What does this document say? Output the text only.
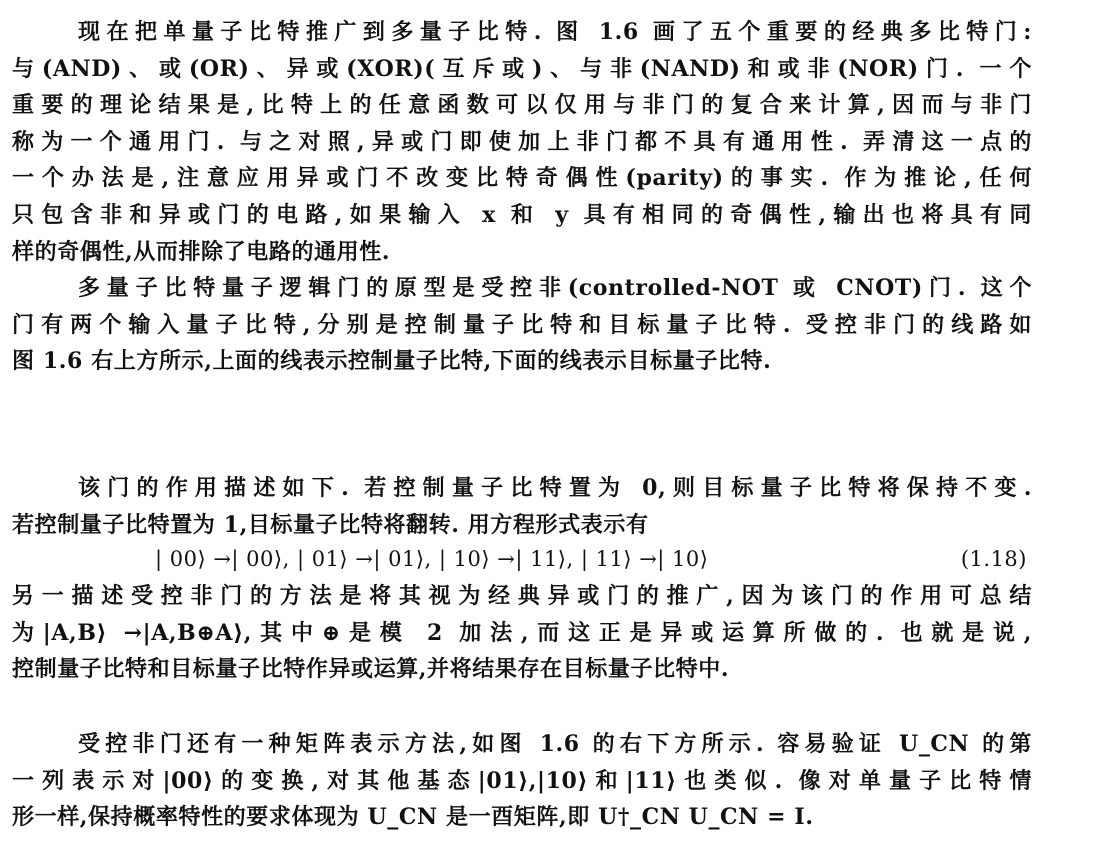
现在把单量子比特推广到多量子比特. 图 1.6 画了五个重要的经典多比特门:
与(AND)、或(OR)、异或(XOR)(互斥或)、与非(NAND)和或非(NOR)门. 一个
重要的理论结果是,比特上的任意函数可以仅用与非门的复合来计算,因而与非门
称为一个通用门. 与之对照,异或门即使加上非门都不具有通用性. 弄清这一点的
一个办法是,注意应用异或门不改变比特奇偶性(parity)的事实. 作为推论,任何
只包含非和异或门的电路,如果输入 x 和 y 具有相同的奇偶性,输出也将具有同
样的奇偶性,从而排除了电路的通用性.
多量子比特量子逻辑门的原型是受控非(controlled-NOT 或 CNOT)门. 这个
门有两个输入量子比特,分别是控制量子比特和目标量子比特. 受控非门的线路如
图 1.6 右上方所示,上面的线表示控制量子比特,下面的线表示目标量子比特.
该门的作用描述如下. 若控制量子比特置为 0,则目标量子比特将保持不变.
若控制量子比特置为 1,目标量子比特将翻转. 用方程形式表示有
| 00⟩ →| 00⟩, | 01⟩ →| 01⟩, | 10⟩ →| 11⟩, | 11⟩ →| 10⟩	(1.18)
另一描述受控非门的方法是将其视为经典异或门的推广,因为该门的作用可总结
为|A,B⟩ →|A,B⊕A⟩,其中⊕是模 2 加法,而这正是异或运算所做的. 也就是说,
控制量子比特和目标量子比特作异或运算,并将结果存在目标量子比特中.
受控非门还有一种矩阵表示方法,如图 1.6 的右下方所示. 容易验证 U_CN 的第
一列表示对|00⟩的变换,对其他基态|01⟩,|10⟩和|11⟩也类似. 像对单量子比特情
形一样,保持概率特性的要求体现为 U_CN 是一酉矩阵,即 U†_CN U_CN = I.
